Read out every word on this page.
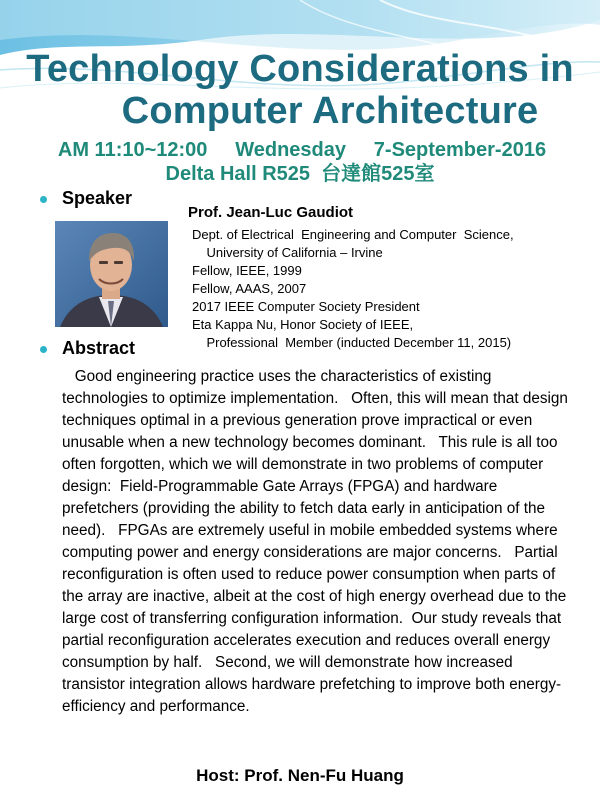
Technology Considerations in
Computer Architecture
AM 11:10~12:00     Wednesday     7-September-2016
Delta Hall R525  台達館525室
Speaker
Prof. Jean-Luc Gaudiot
Dept. of Electrical  Engineering and Computer  Science,
University of California – Irvine
Fellow, IEEE, 1999
Fellow, AAAS, 2007
2017 IEEE Computer Society President
Eta Kappa Nu, Honor Society of IEEE,
Professional  Member (inducted December 11, 2015)
Abstract

Good engineering practice uses the characteristics of existing technologies to optimize implementation.   Often, this will mean that design techniques optimal in a previous generation prove impractical or even unusable when a new technology becomes dominant.   This rule is all too often forgotten, which we will demonstrate in two problems of computer design:  Field-Programmable Gate Arrays (FPGA) and hardware prefetchers (providing the ability to fetch data early in anticipation of the need).   FPGAs are extremely useful in mobile embedded systems where computing power and energy considerations are major concerns.   Partial reconfiguration is often used to reduce power consumption when parts of the array are inactive, albeit at the cost of high energy overhead due to the large cost of transferring configuration information.  Our study reveals that partial reconfiguration accelerates execution and reduces overall energy consumption by half.   Second, we will demonstrate how increased transistor integration allows hardware prefetching to improve both energy-efficiency and performance.

Host: Prof. Nen-Fu Huang
